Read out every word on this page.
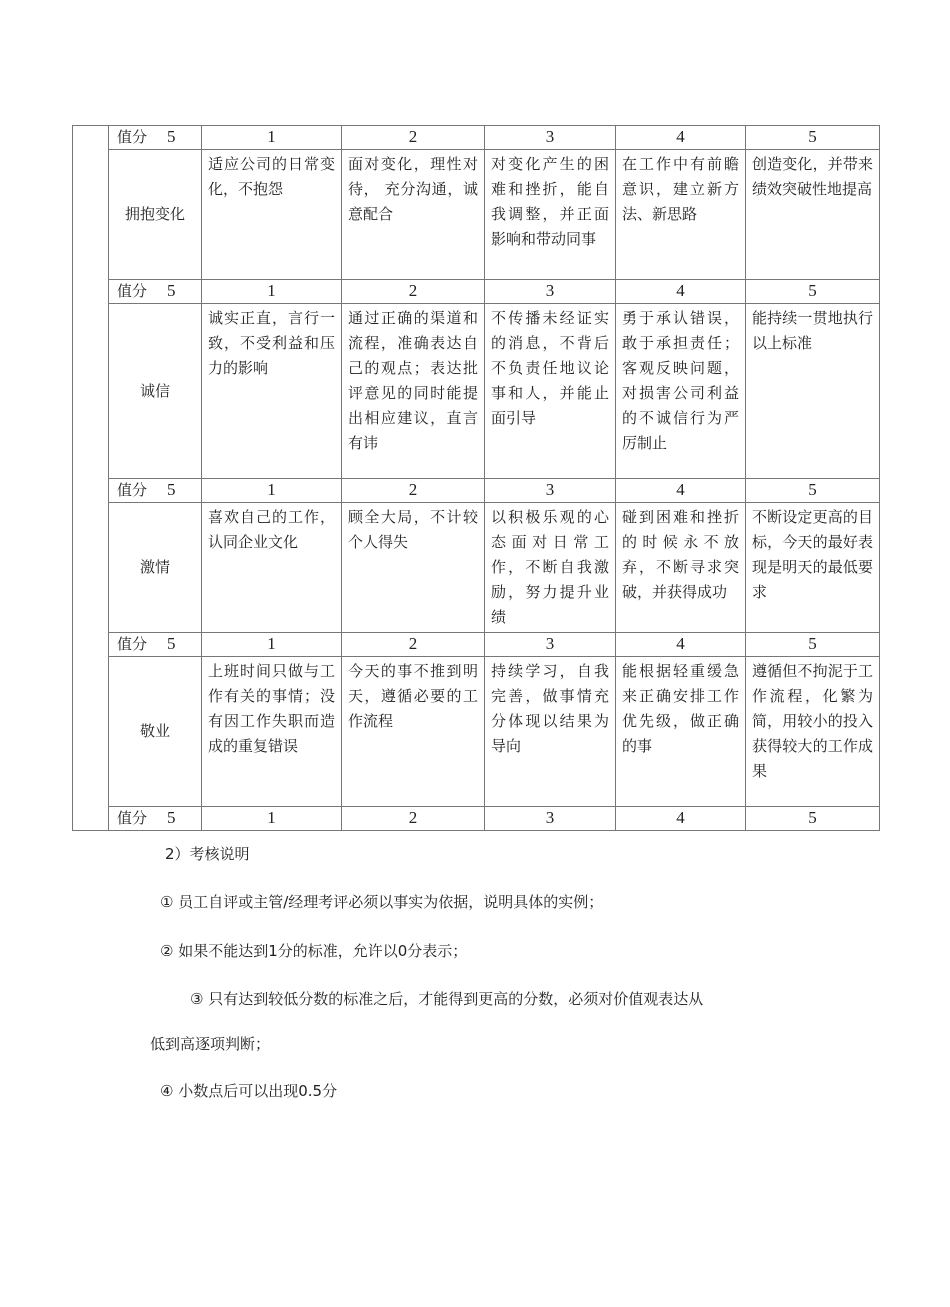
	值分 5	1	2	3	4	5
	拥抱变化	适应公司的日常变化，不抱怨	面对变化，理性对待， 充分沟通，诚意配合	对变化产生的困难和挫折，能自我调整，并正面影响和带动同事	在工作中有前瞻意识，建立新方法、新思路	创造变化，并带来绩效突破性地提高
	值分 5	1	2	3	4	5
	诚信	诚实正直，言行一致，不受利益和压力的影响	通过正确的渠道和流程，准确表达自己的观点；表达批评意见的同时能提出相应建议，直言有讳	不传播未经证实的消息，不背后不负责任地议论事和人，并能止面引导	勇于承认错误，敢于承担责任；客观反映问题，对损害公司利益的不诚信行为严厉制止	能持续一贯地执行以上标准
	值分 5	1	2	3	4	5
	激情	喜欢自己的工作，认同企业文化	顾全大局，不计较个人得失	以积极乐观的心态面对日常工作，不断自我激励，努力提升业绩	碰到困难和挫折的时候永不放弃，不断寻求突破，并获得成功	不断设定更高的目标，今天的最好表现是明天的最低要求
	值分 5	1	2	3	4	5
	敬业	上班时间只做与工作有关的事情；没有因工作失职而造成的重复错误	今天的事不推到明天，遵循必要的工作流程	持续学习，自我完善，做事情充分体现以结果为导向	能根据轻重缓急来正确安排工作优先级，做正确的事	遵循但不拘泥于工作流程，化繁为简，用较小的投入获得较大的工作成果
	值分 5	1	2	3	4	5

2）考核说明

① 员工自评或主管/经理考评必须以事实为依据，说明具体的实例；

② 如果不能达到1分的标准，允许以0分表示；

③ 只有达到较低分数的标准之后，才能得到更高的分数，必须对价值观表达从

低到高逐项判断；

④ 小数点后可以出现0.5分
